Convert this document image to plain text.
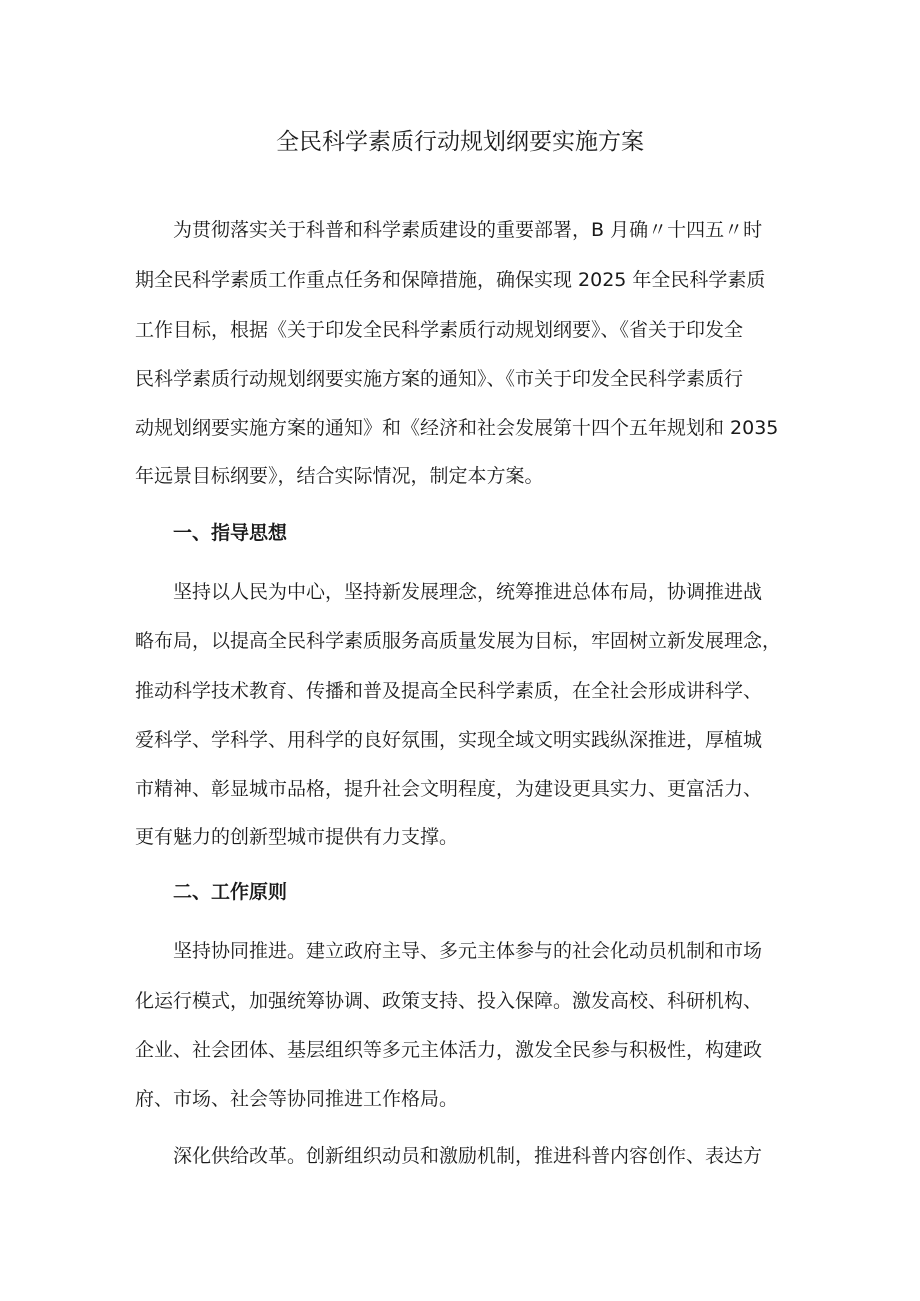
全民科学素质行动规划纲要实施方案

为贯彻落实关于科普和科学素质建设的重要部署，B 月确〃十四五〃时

期全民科学素质工作重点任务和保障措施，确保实现 2025 年全民科学素质

工作目标，根据《关于印发全民科学素质行动规划纲要》、《省关于印发全

民科学素质行动规划纲要实施方案的通知》、《市关于印发全民科学素质行

动规划纲要实施方案的通知》和《经济和社会发展第十四个五年规划和 2035

年远景目标纲要》，结合实际情况，制定本方案。

一、指导思想

坚持以人民为中心，坚持新发展理念，统筹推进总体布局，协调推进战

略布局，以提高全民科学素质服务高质量发展为目标，牢固树立新发展理念，

推动科学技术教育、传播和普及提高全民科学素质，在全社会形成讲科学、

爱科学、学科学、用科学的良好氛围，实现全域文明实践纵深推进，厚植城

市精神、彰显城市品格，提升社会文明程度，为建设更具实力、更富活力、

更有魅力的创新型城市提供有力支撑。

二、工作原则

坚持协同推进。建立政府主导、多元主体参与的社会化动员机制和市场

化运行模式，加强统筹协调、政策支持、投入保障。激发高校、科研机构、

企业、社会团体、基层组织等多元主体活力，激发全民参与积极性，构建政

府、市场、社会等协同推进工作格局。

深化供给改革。创新组织动员和激励机制，推进科普内容创作、表达方
